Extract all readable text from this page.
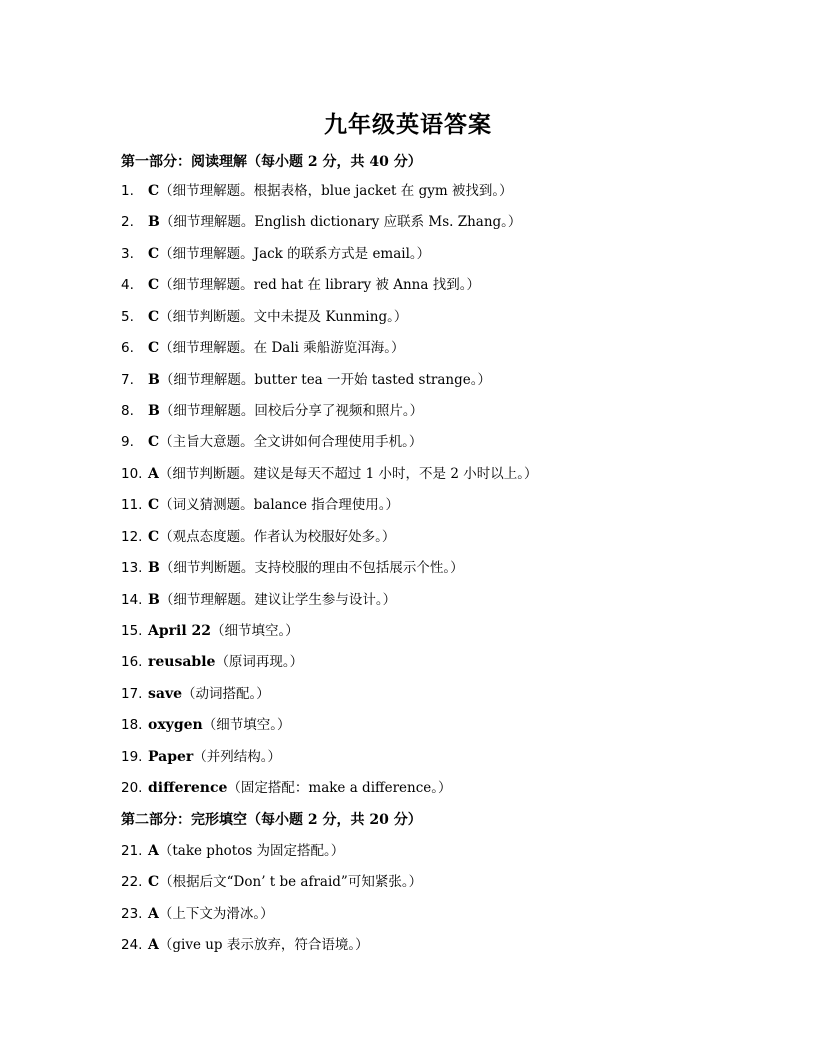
九年级英语答案
第一部分：阅读理解（每小题 2 分，共 40 分）
1. C（细节理解题。根据表格，blue jacket 在 gym 被找到。）
2. B（细节理解题。English dictionary 应联系 Ms. Zhang。）
3. C（细节理解题。Jack 的联系方式是 email。）
4. C（细节理解题。red hat 在 library 被 Anna 找到。）
5. C（细节判断题。文中未提及 Kunming。）
6. C（细节理解题。在 Dali 乘船游览洱海。）
7. B（细节理解题。butter tea 一开始 tasted strange。）
8. B（细节理解题。回校后分享了视频和照片。）
9. C（主旨大意题。全文讲如何合理使用手机。）
10. A（细节判断题。建议是每天不超过 1 小时，不是 2 小时以上。）
11. C（词义猜测题。balance 指合理使用。）
12. C（观点态度题。作者认为校服好处多。）
13. B（细节判断题。支持校服的理由不包括展示个性。）
14. B（细节理解题。建议让学生参与设计。）
15. April 22（细节填空。）
16. reusable（原词再现。）
17. save（动词搭配。）
18. oxygen（细节填空。）
19. Paper（并列结构。）
20. difference（固定搭配：make a difference。）
第二部分：完形填空（每小题 2 分，共 20 分）
21. A（take photos 为固定搭配。）
22. C（根据后文“Don’ t be afraid”可知紧张。）
23. A（上下文为滑冰。）
24. A（give up 表示放弃，符合语境。）
